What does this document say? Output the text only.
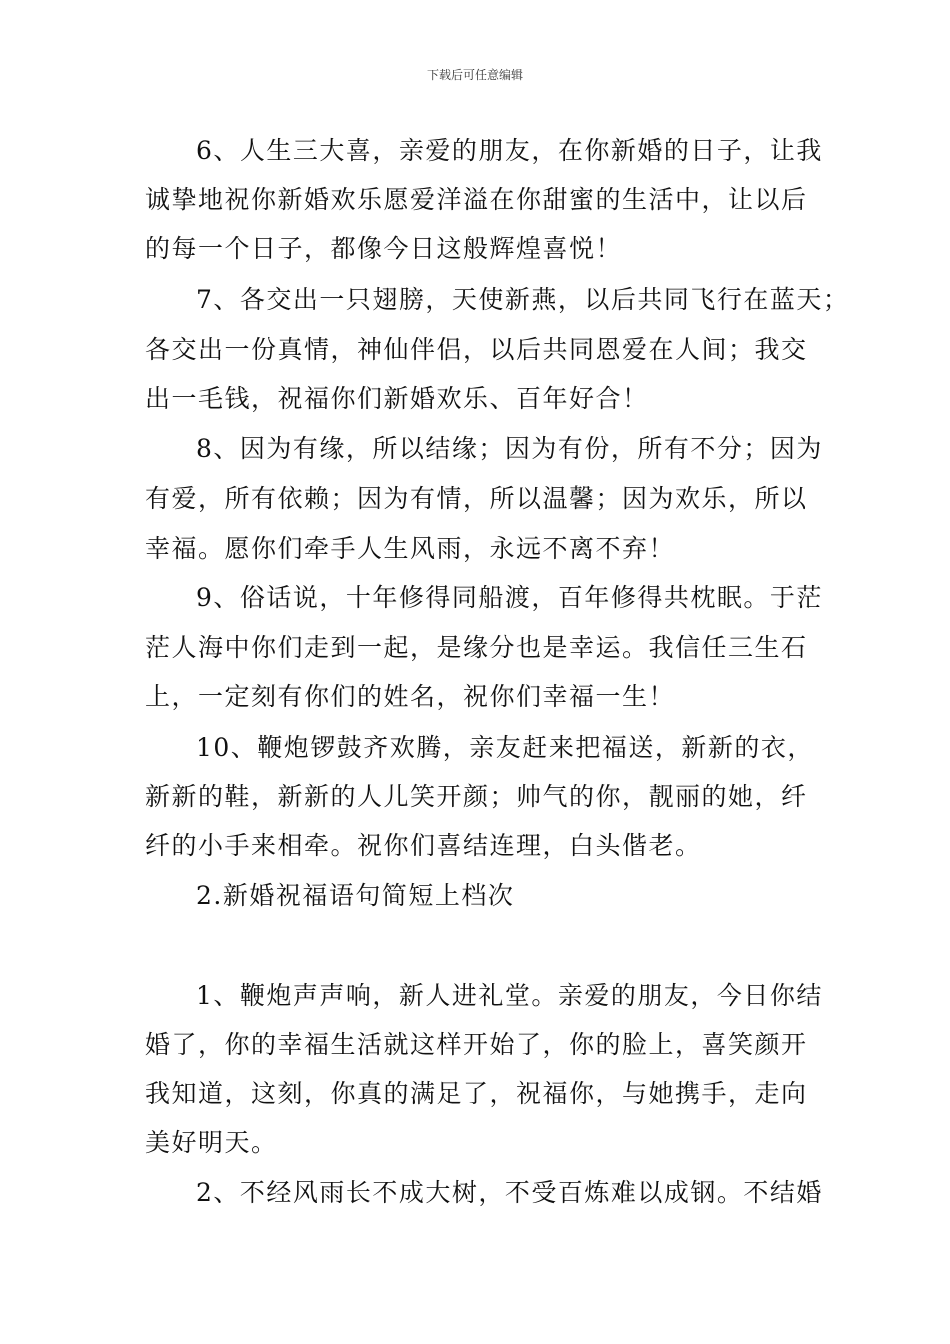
下载后可任意编辑
6、人生三大喜，亲爱的朋友，在你新婚的日子，让我
诚挚地祝你新婚欢乐愿爱洋溢在你甜蜜的生活中，让以后
的每一个日子，都像今日这般辉煌喜悦！
7、各交出一只翅膀，天使新燕，以后共同飞行在蓝天；
各交出一份真情，神仙伴侣，以后共同恩爱在人间；我交
出一毛钱，祝福你们新婚欢乐、百年好合！
8、因为有缘，所以结缘；因为有份，所有不分；因为
有爱，所有依赖；因为有情，所以温馨；因为欢乐，所以
幸福。愿你们牵手人生风雨，永远不离不弃！
9、俗话说，十年修得同船渡，百年修得共枕眠。于茫
茫人海中你们走到一起，是缘分也是幸运。我信任三生石
上，一定刻有你们的姓名，祝你们幸福一生！
10、鞭炮锣鼓齐欢腾，亲友赶来把福送，新新的衣，
新新的鞋，新新的人儿笑开颜；帅气的你，靓丽的她，纤
纤的小手来相牵。祝你们喜结连理，白头偕老。
2.新婚祝福语句简短上档次
1、鞭炮声声响，新人进礼堂。亲爱的朋友，今日你结
婚了，你的幸福生活就这样开始了，你的脸上，喜笑颜开
我知道，这刻，你真的满足了，祝福你，与她携手，走向
美好明天。
2、不经风雨长不成大树，不受百炼难以成钢。不结婚
